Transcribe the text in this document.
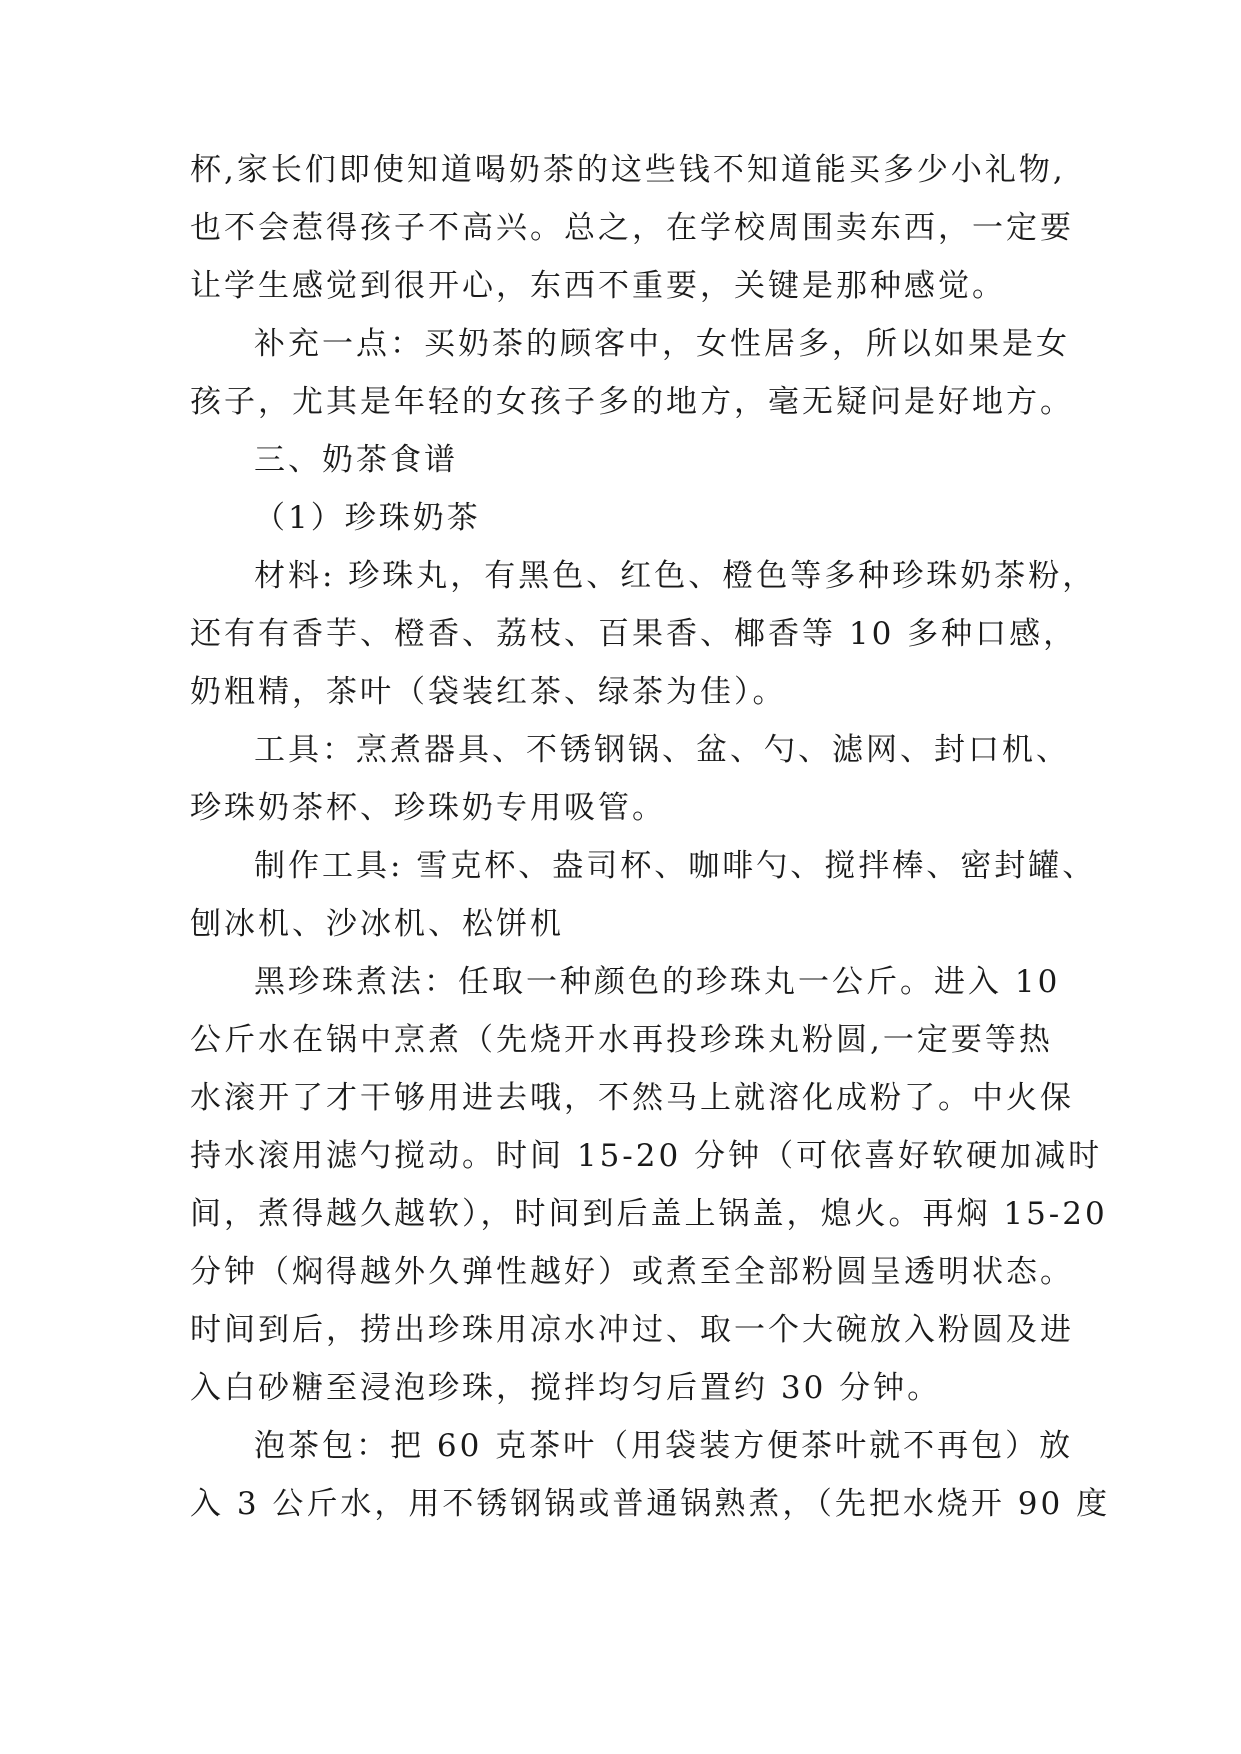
杯,家长们即使知道喝奶茶的这些钱不知道能买多少小礼物,

也不会惹得孩子不高兴。总之，在学校周围卖东西，一定要

让学生感觉到很开心，东西不重要，关键是那种感觉。

补充一点：买奶茶的顾客中，女性居多，所以如果是女

孩子，尤其是年轻的女孩子多的地方，毫无疑问是好地方。

三、奶茶食谱

（1）珍珠奶茶

材料: 珍珠丸，有黑色、红色、橙色等多种珍珠奶茶粉，

还有有香芋、橙香、荔枝、百果香、椰香等 10 多种口感，

奶粗精，茶叶（袋装红茶、绿茶为佳）。

工具：烹煮器具、不锈钢锅、盆、勺、滤网、封口机、

珍珠奶茶杯、珍珠奶专用吸管。

制作工具: 雪克杯、盎司杯、咖啡勺、搅拌棒、密封罐、

刨冰机、沙冰机、松饼机

黑珍珠煮法：任取一种颜色的珍珠丸一公斤。进入 10

公斤水在锅中烹煮（先烧开水再投珍珠丸粉圆,一定要等热

水滚开了才干够用进去哦，不然马上就溶化成粉了。中火保

持水滚用滤勺搅动。时间 15-20 分钟（可依喜好软硬加减时

间，煮得越久越软），时间到后盖上锅盖，熄火。再焖 15-20

分钟（焖得越外久弹性越好）或煮至全部粉圆呈透明状态。

时间到后，捞出珍珠用凉水冲过、取一个大碗放入粉圆及进

入白砂糖至浸泡珍珠，搅拌均匀后置约 30 分钟。

泡茶包：把 60 克茶叶（用袋装方便茶叶就不再包）放

入 3 公斤水，用不锈钢锅或普通锅熟煮，（先把水烧开 90 度
